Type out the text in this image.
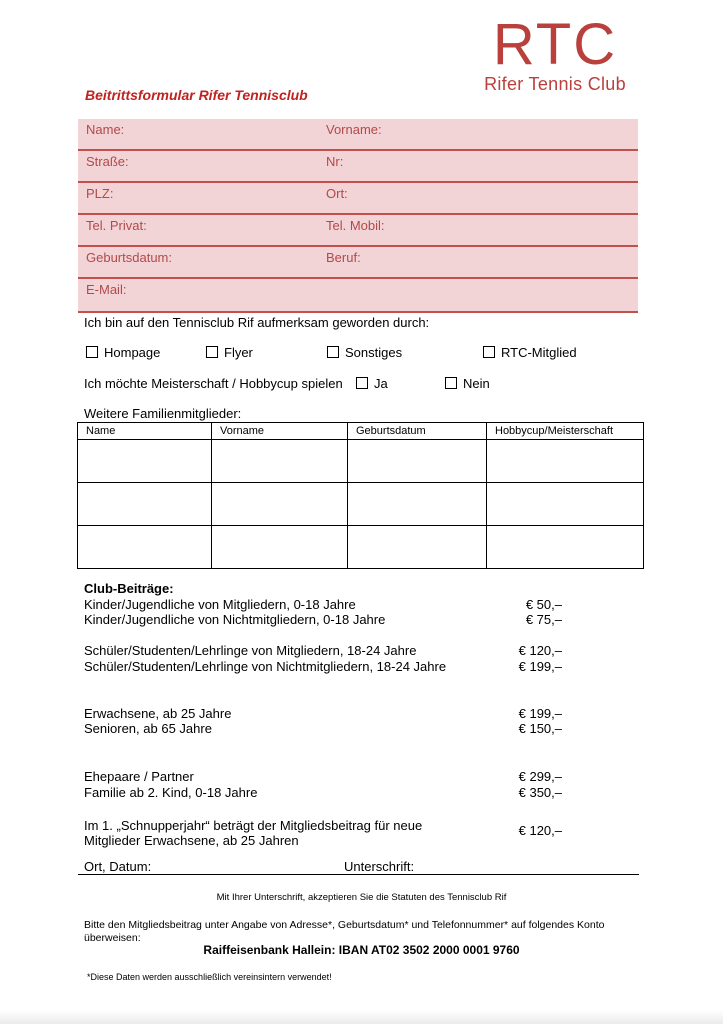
RTC
Rifer Tennis Club
Beitrittsformular Rifer Tennisclub
Name:	Vorname:
Straße:	Nr:
PLZ:	Ort:
Tel. Privat:	Tel. Mobil:
Geburtsdatum:	Beruf:
E-Mail:
Ich bin auf den Tennisclub Rif aufmerksam geworden durch:
Hompage	Flyer	Sonstiges	RTC-Mitglied
Ich möchte Meisterschaft / Hobbycup spielen Ja	Nein
Weitere Familienmitglieder:
Name	Vorname	Geburtsdatum	Hobbycup/Meisterschaft

Club-Beiträge:
Kinder/Jugendliche von Mitgliedern, 0-18 Jahre	€ 50,–
Kinder/Jugendliche von Nichtmitgliedern, 0-18 Jahre	€ 75,–
Schüler/Studenten/Lehrlinge von Mitgliedern, 18-24 Jahre	€ 120,–
Schüler/Studenten/Lehrlinge von Nichtmitgliedern, 18-24 Jahre	€ 199,–
Erwachsene, ab 25 Jahre	€ 199,–
Senioren, ab 65 Jahre	€ 150,–
Ehepaare / Partner	€ 299,–
Familie ab 2. Kind, 0-18 Jahre	€ 350,–
Im 1. „Schnupperjahr“ beträgt der Mitgliedsbeitrag für neue
Mitglieder Erwachsene, ab 25 Jahren
€ 120,–
Ort, Datum:	Unterschrift:
Mit Ihrer Unterschrift, akzeptieren Sie die Statuten des Tennisclub Rif
Bitte den Mitgliedsbeitrag unter Angabe von Adresse*, Geburtsdatum* und Telefonnummer* auf folgendes Konto
überweisen:
Raiffeisenbank Hallein: IBAN AT02 3502 2000 0001 9760
*Diese Daten werden ausschließlich vereinsintern verwendet!
